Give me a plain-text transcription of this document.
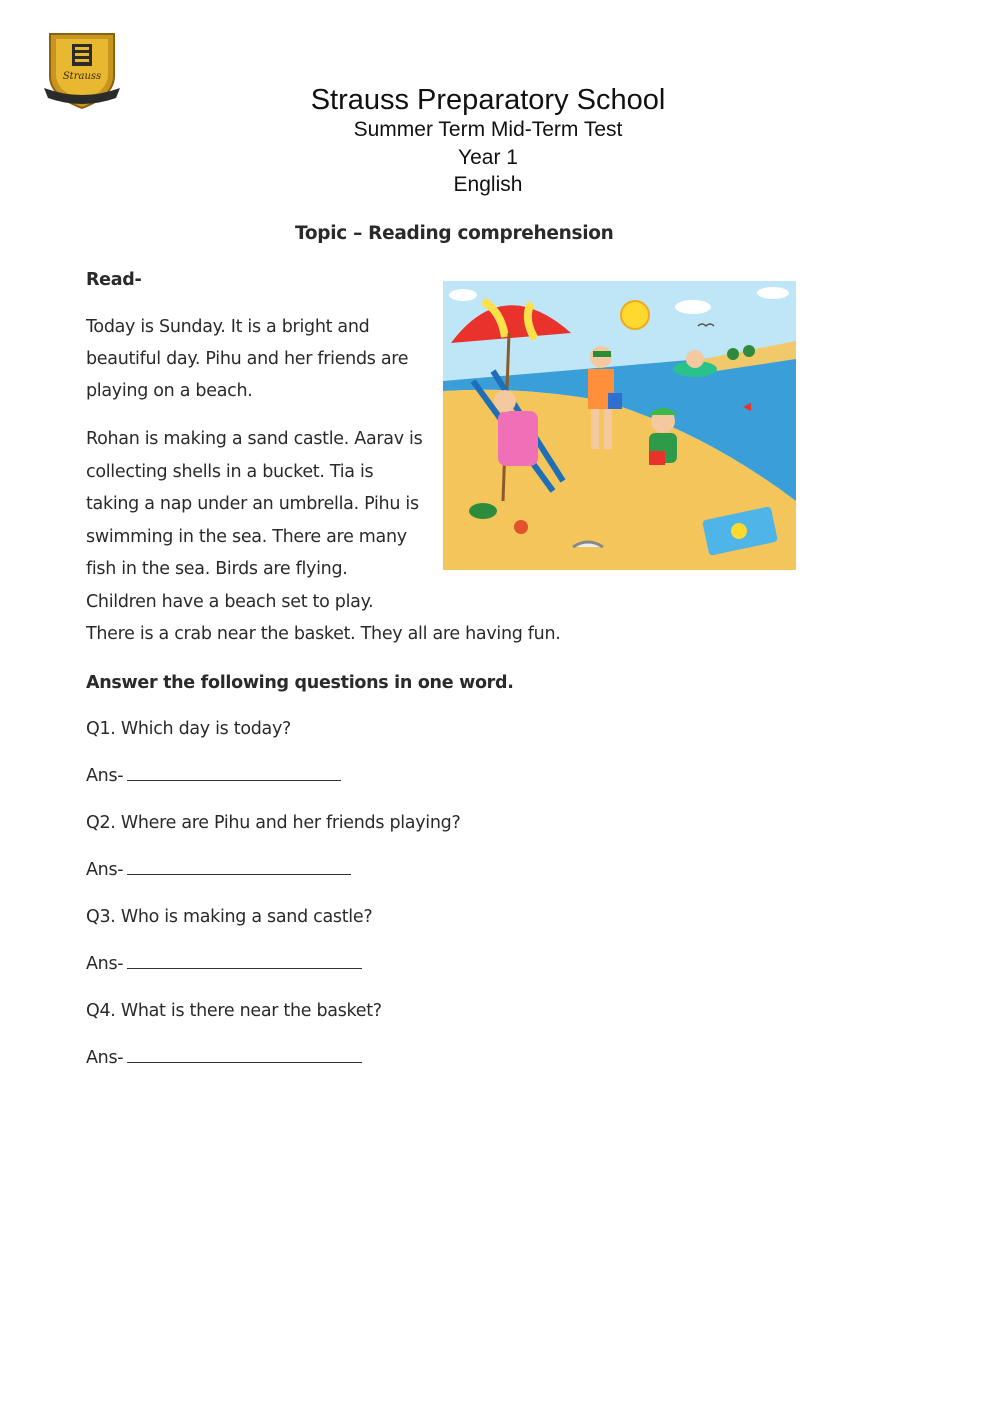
Strauss
Strauss Preparatory School
Summer Term Mid-Term Test
Year 1
English
Topic – Reading comprehension
Read-
Today is Sunday. It is a bright and
beautiful day. Pihu and her friends are
playing on a beach.
Rohan is making a sand castle. Aarav is
collecting shells in a bucket. Tia is
taking a nap under an umbrella. Pihu is
swimming in the sea. There are many
fish in the sea. Birds are flying.
Children have a beach set to play.
There is a crab near the basket. They all are having fun.
Answer the following questions in one word.
Q1. Which day is today?
Ans-
Q2. Where are Pihu and her friends playing?
Ans-
Q3. Who is making a sand castle?
Ans-
Q4. What is there near the basket?
Ans-
